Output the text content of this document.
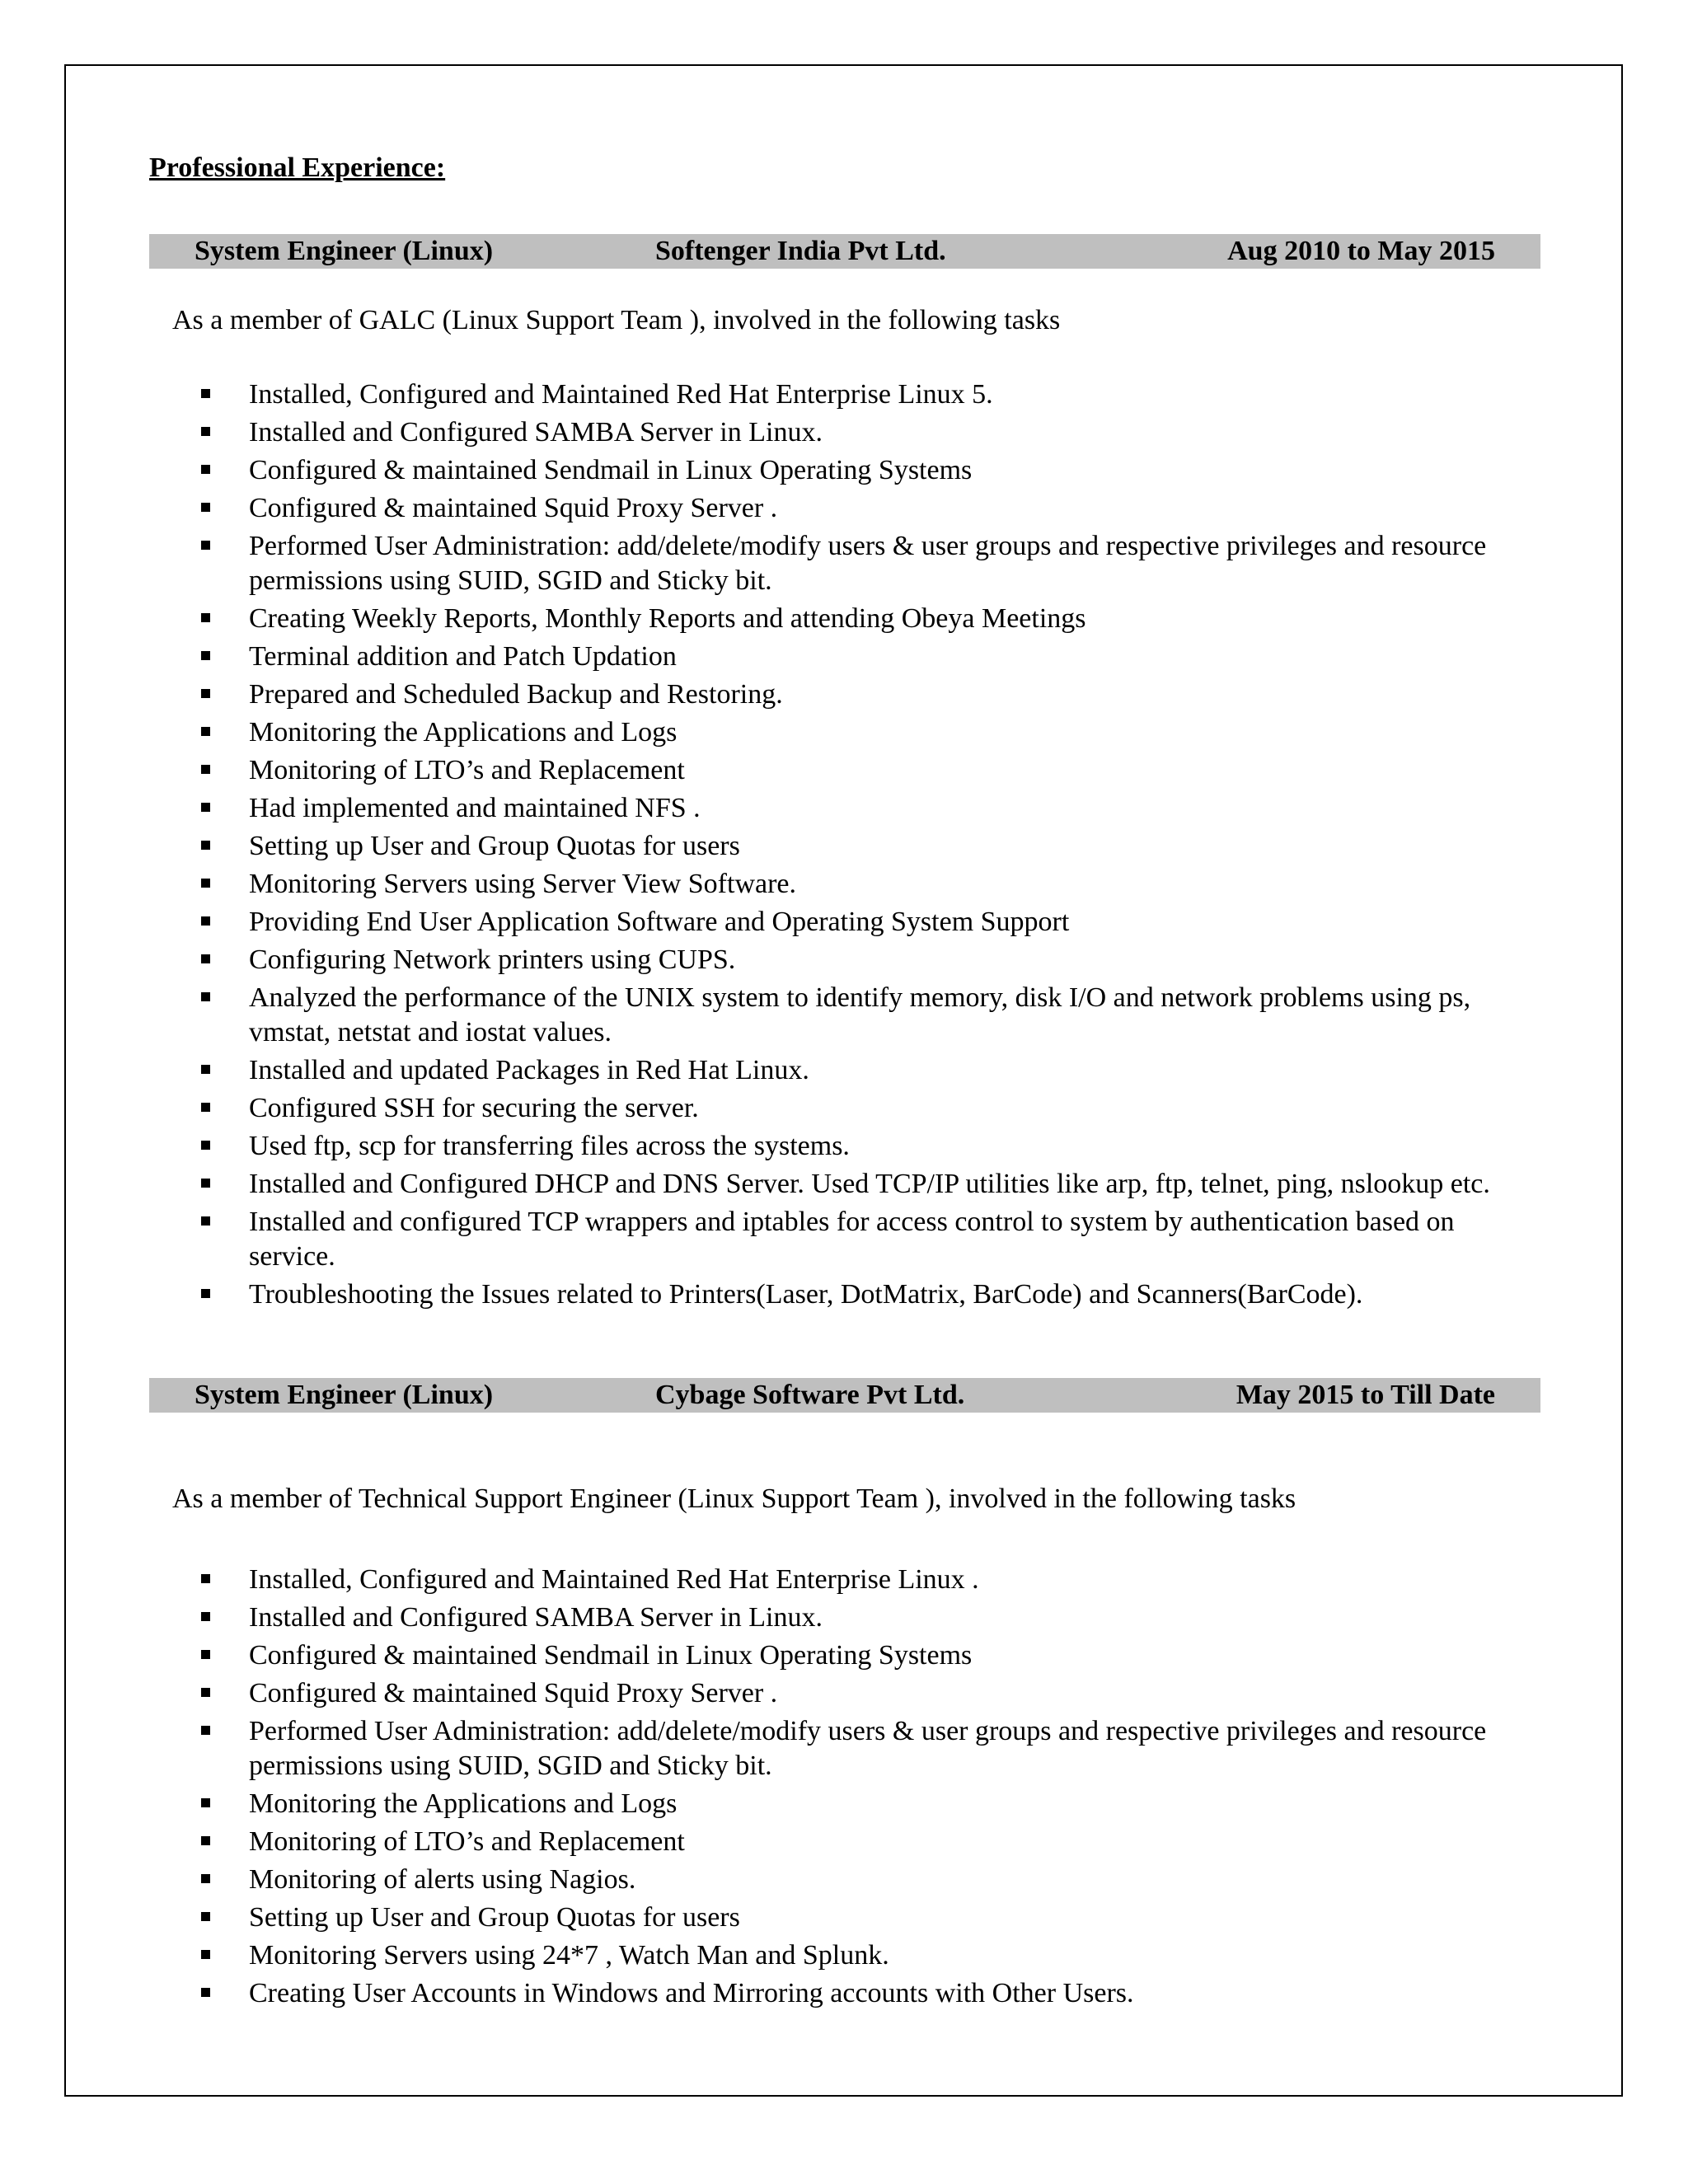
Professional Experience:
System Engineer (Linux)	Softenger India Pvt Ltd.	Aug 2010 to May 2015
As a member of GALC (Linux Support Team ), involved in the following tasks
Installed, Configured and Maintained Red Hat Enterprise Linux 5.
Installed and Configured SAMBA Server in Linux.
Configured & maintained Sendmail in Linux Operating Systems
Configured & maintained Squid Proxy Server .
Performed User Administration: add/delete/modify users & user groups and respective privileges and resource permissions using SUID, SGID and Sticky bit.
Creating Weekly Reports, Monthly Reports and attending Obeya Meetings
Terminal addition and Patch Updation
Prepared and Scheduled Backup and Restoring.
Monitoring the Applications and Logs
Monitoring of LTO’s and Replacement
Had implemented and maintained NFS .
Setting up User and Group Quotas for users
Monitoring Servers using Server View Software.
Providing End User Application Software and Operating System Support
Configuring Network printers using CUPS.
Analyzed the performance of the UNIX system to identify memory, disk I/O and network problems using ps, vmstat, netstat and iostat values.
Installed and updated Packages in Red Hat Linux.
Configured SSH for securing the server.
Used ftp, scp for transferring files across the systems.
Installed and Configured DHCP and DNS Server. Used TCP/IP utilities like arp, ftp, telnet, ping, nslookup etc.
Installed and configured TCP wrappers and iptables for access control to system by authentication based on service.
Troubleshooting the Issues related to Printers(Laser, DotMatrix, BarCode) and Scanners(BarCode).
System Engineer (Linux)	Cybage Software Pvt Ltd.	May 2015 to Till Date
As a member of Technical Support Engineer (Linux Support Team ), involved in the following tasks
Installed, Configured and Maintained Red Hat Enterprise Linux .
Installed and Configured SAMBA Server in Linux.
Configured & maintained Sendmail in Linux Operating Systems
Configured & maintained Squid Proxy Server .
Performed User Administration: add/delete/modify users & user groups and respective privileges and resource permissions using SUID, SGID and Sticky bit.
Monitoring the Applications and Logs
Monitoring of LTO’s and Replacement
Monitoring of alerts using Nagios.
Setting up User and Group Quotas for users
Monitoring Servers using 24*7 , Watch Man and Splunk.
Creating User Accounts in Windows and Mirroring accounts with Other Users.
